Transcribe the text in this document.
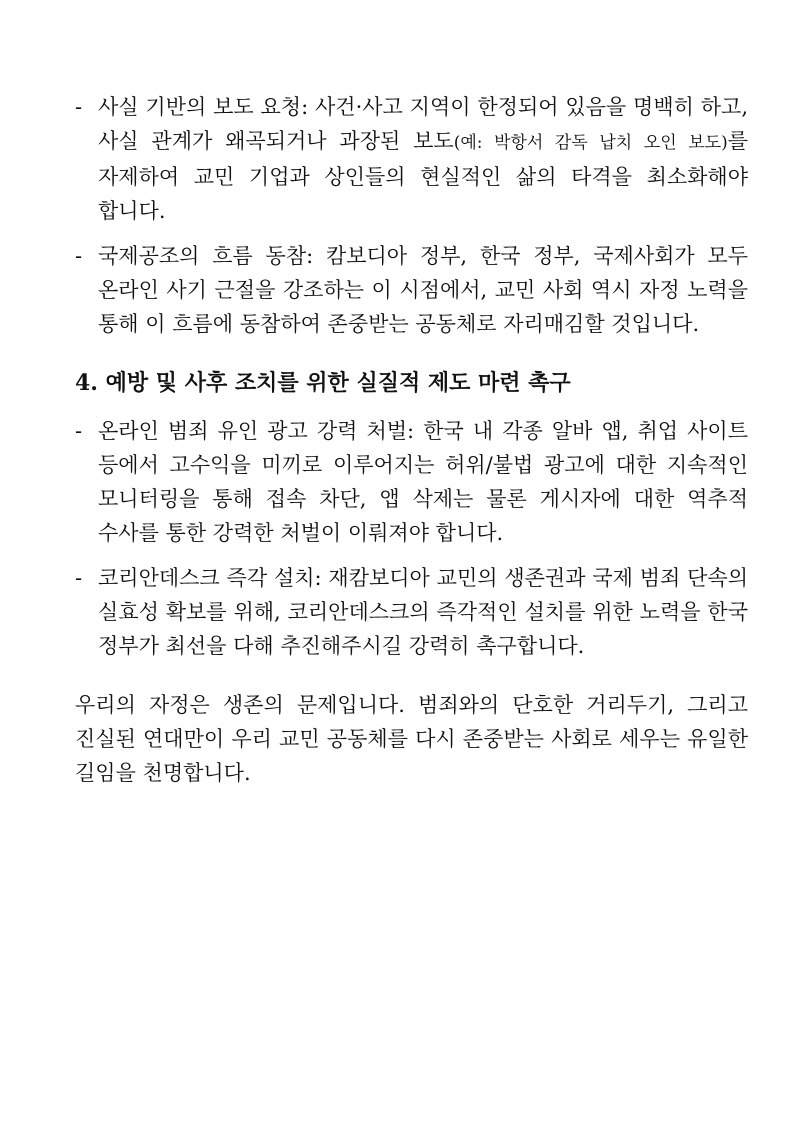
- 사실 기반의 보도 요청: 사건·사고 지역이 한정되어 있음을 명백히 하고, 사실 관계가 왜곡되거나 과장된 보도(예: 박항서 감독 납치 오인 보도)를 자제하여 교민 기업과 상인들의 현실적인 삶의 타격을 최소화해야 합니다.
- 국제공조의 흐름 동참: 캄보디아 정부, 한국 정부, 국제사회가 모두 온라인 사기 근절을 강조하는 이 시점에서, 교민 사회 역시 자정 노력을 통해 이 흐름에 동참하여 존중받는 공동체로 자리매김할 것입니다.
4. 예방 및 사후 조치를 위한 실질적 제도 마련 촉구
- 온라인 범죄 유인 광고 강력 처벌: 한국 내 각종 알바 앱, 취업 사이트 등에서 고수익을 미끼로 이루어지는 허위/불법 광고에 대한 지속적인 모니터링을 통해 접속 차단, 앱 삭제는 물론 게시자에 대한 역추적 수사를 통한 강력한 처벌이 이뤄져야 합니다.
- 코리안데스크 즉각 설치: 재캄보디아 교민의 생존권과 국제 범죄 단속의 실효성 확보를 위해, 코리안데스크의 즉각적인 설치를 위한 노력을 한국 정부가 최선을 다해 추진해주시길 강력히 촉구합니다.

우리의 자정은 생존의 문제입니다. 범죄와의 단호한 거리두기, 그리고 진실된 연대만이 우리 교민 공동체를 다시 존중받는 사회로 세우는 유일한 길임을 천명합니다.
